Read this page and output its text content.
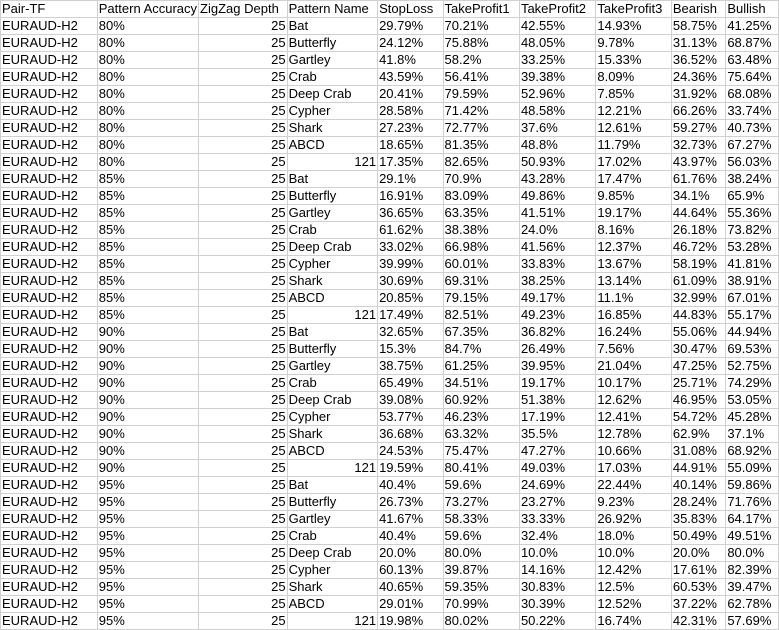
Pair-TF	Pattern Accuracy	ZigZag Depth	Pattern Name	StopLoss	TakeProfit1	TakeProfit2	TakeProfit3	Bearish	Bullish
EURAUD-H2	80%	25	Bat	29.79%	70.21%	42.55%	14.93%	58.75%	41.25%
EURAUD-H2	80%	25	Butterfly	24.12%	75.88%	48.05%	9.78%	31.13%	68.87%
EURAUD-H2	80%	25	Gartley	41.8%	58.2%	33.25%	15.33%	36.52%	63.48%
EURAUD-H2	80%	25	Crab	43.59%	56.41%	39.38%	8.09%	24.36%	75.64%
EURAUD-H2	80%	25	Deep Crab	20.41%	79.59%	52.96%	7.85%	31.92%	68.08%
EURAUD-H2	80%	25	Cypher	28.58%	71.42%	48.58%	12.21%	66.26%	33.74%
EURAUD-H2	80%	25	Shark	27.23%	72.77%	37.6%	12.61%	59.27%	40.73%
EURAUD-H2	80%	25	ABCD	18.65%	81.35%	48.8%	11.79%	32.73%	67.27%
EURAUD-H2	80%	25	121	17.35%	82.65%	50.93%	17.02%	43.97%	56.03%
EURAUD-H2	85%	25	Bat	29.1%	70.9%	43.28%	17.47%	61.76%	38.24%
EURAUD-H2	85%	25	Butterfly	16.91%	83.09%	49.86%	9.85%	34.1%	65.9%
EURAUD-H2	85%	25	Gartley	36.65%	63.35%	41.51%	19.17%	44.64%	55.36%
EURAUD-H2	85%	25	Crab	61.62%	38.38%	24.0%	8.16%	26.18%	73.82%
EURAUD-H2	85%	25	Deep Crab	33.02%	66.98%	41.56%	12.37%	46.72%	53.28%
EURAUD-H2	85%	25	Cypher	39.99%	60.01%	33.83%	13.67%	58.19%	41.81%
EURAUD-H2	85%	25	Shark	30.69%	69.31%	38.25%	13.14%	61.09%	38.91%
EURAUD-H2	85%	25	ABCD	20.85%	79.15%	49.17%	11.1%	32.99%	67.01%
EURAUD-H2	85%	25	121	17.49%	82.51%	49.23%	16.85%	44.83%	55.17%
EURAUD-H2	90%	25	Bat	32.65%	67.35%	36.82%	16.24%	55.06%	44.94%
EURAUD-H2	90%	25	Butterfly	15.3%	84.7%	26.49%	7.56%	30.47%	69.53%
EURAUD-H2	90%	25	Gartley	38.75%	61.25%	39.95%	21.04%	47.25%	52.75%
EURAUD-H2	90%	25	Crab	65.49%	34.51%	19.17%	10.17%	25.71%	74.29%
EURAUD-H2	90%	25	Deep Crab	39.08%	60.92%	51.38%	12.62%	46.95%	53.05%
EURAUD-H2	90%	25	Cypher	53.77%	46.23%	17.19%	12.41%	54.72%	45.28%
EURAUD-H2	90%	25	Shark	36.68%	63.32%	35.5%	12.78%	62.9%	37.1%
EURAUD-H2	90%	25	ABCD	24.53%	75.47%	47.27%	10.66%	31.08%	68.92%
EURAUD-H2	90%	25	121	19.59%	80.41%	49.03%	17.03%	44.91%	55.09%
EURAUD-H2	95%	25	Bat	40.4%	59.6%	24.69%	22.44%	40.14%	59.86%
EURAUD-H2	95%	25	Butterfly	26.73%	73.27%	23.27%	9.23%	28.24%	71.76%
EURAUD-H2	95%	25	Gartley	41.67%	58.33%	33.33%	26.92%	35.83%	64.17%
EURAUD-H2	95%	25	Crab	40.4%	59.6%	32.4%	18.0%	50.49%	49.51%
EURAUD-H2	95%	25	Deep Crab	20.0%	80.0%	10.0%	10.0%	20.0%	80.0%
EURAUD-H2	95%	25	Cypher	60.13%	39.87%	14.16%	12.42%	17.61%	82.39%
EURAUD-H2	95%	25	Shark	40.65%	59.35%	30.83%	12.5%	60.53%	39.47%
EURAUD-H2	95%	25	ABCD	29.01%	70.99%	30.39%	12.52%	37.22%	62.78%
EURAUD-H2	95%	25	121	19.98%	80.02%	50.22%	16.74%	42.31%	57.69%
